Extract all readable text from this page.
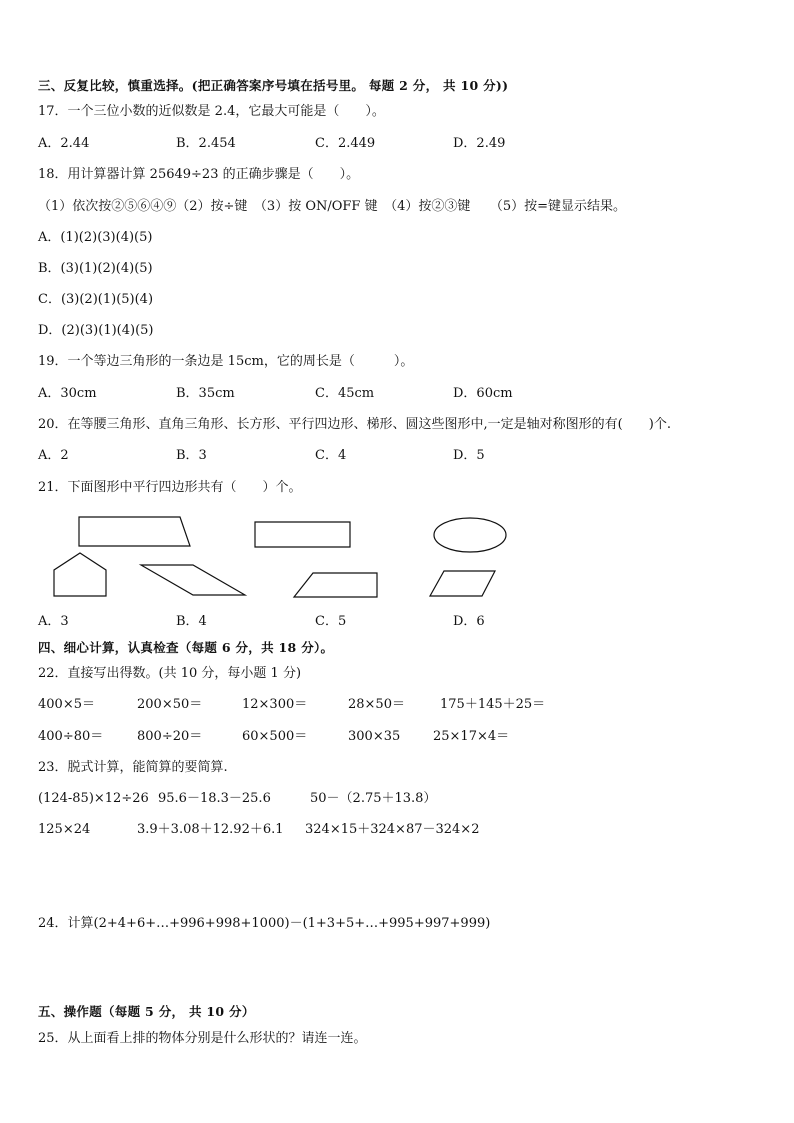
三、反复比较，慎重选择。(把正确答案序号填在括号里。 每题 2 分， 共 10 分))
17．一个三位小数的近似数是 2.4，它最大可能是（　　）。
A．2.44	B．2.454	C．2.449	D．2.49
18．用计算器计算 25649÷23 的正确步骤是（　　）。
（1）依次按②⑤⑥④⑨（2）按÷键　（3）按 ON/OFF 键　（4）按②③键　　（5）按=键显示结果。
A．(1)(2)(3)(4)(5)
B．(3)(1)(2)(4)(5)
C．(3)(2)(1)(5)(4)
D．(2)(3)(1)(4)(5)
19．一个等边三角形的一条边是 15cm，它的周长是（　　　）。
A．30cm	B．35cm	C．45cm	D．60cm
20．在等腰三角形、直角三角形、长方形、平行四边形、梯形、圆这些图形中,一定是轴对称图形的有(　　)个.
A．2	B．3	C．4	D．5
21．下面图形中平行四边形共有（　　）个。
A．3	B．4	C．5	D．6
四、细心计算，认真检查（每题 6 分，共 18 分）。
22．直接写出得数。(共 10 分，每小题 1 分)
400×5＝	200×50＝	12×300＝	28×50＝	175＋145＋25＝
400÷80＝	800÷20＝	60×500＝	300×35	25×17×4＝
23．脱式计算，能简算的要简算.
(124-85)×12÷26 95.6－18.3－25.6	50－（2.75＋13.8）
125×24	3.9＋3.08＋12.92＋6.1 324×15＋324×87－324×2
24．计算(2+4+6+…+996+998+1000)－(1+3+5+…+995+997+999)
五、操作题（每题 5 分， 共 10 分）
25．从上面看上排的物体分别是什么形状的？请连一连。
